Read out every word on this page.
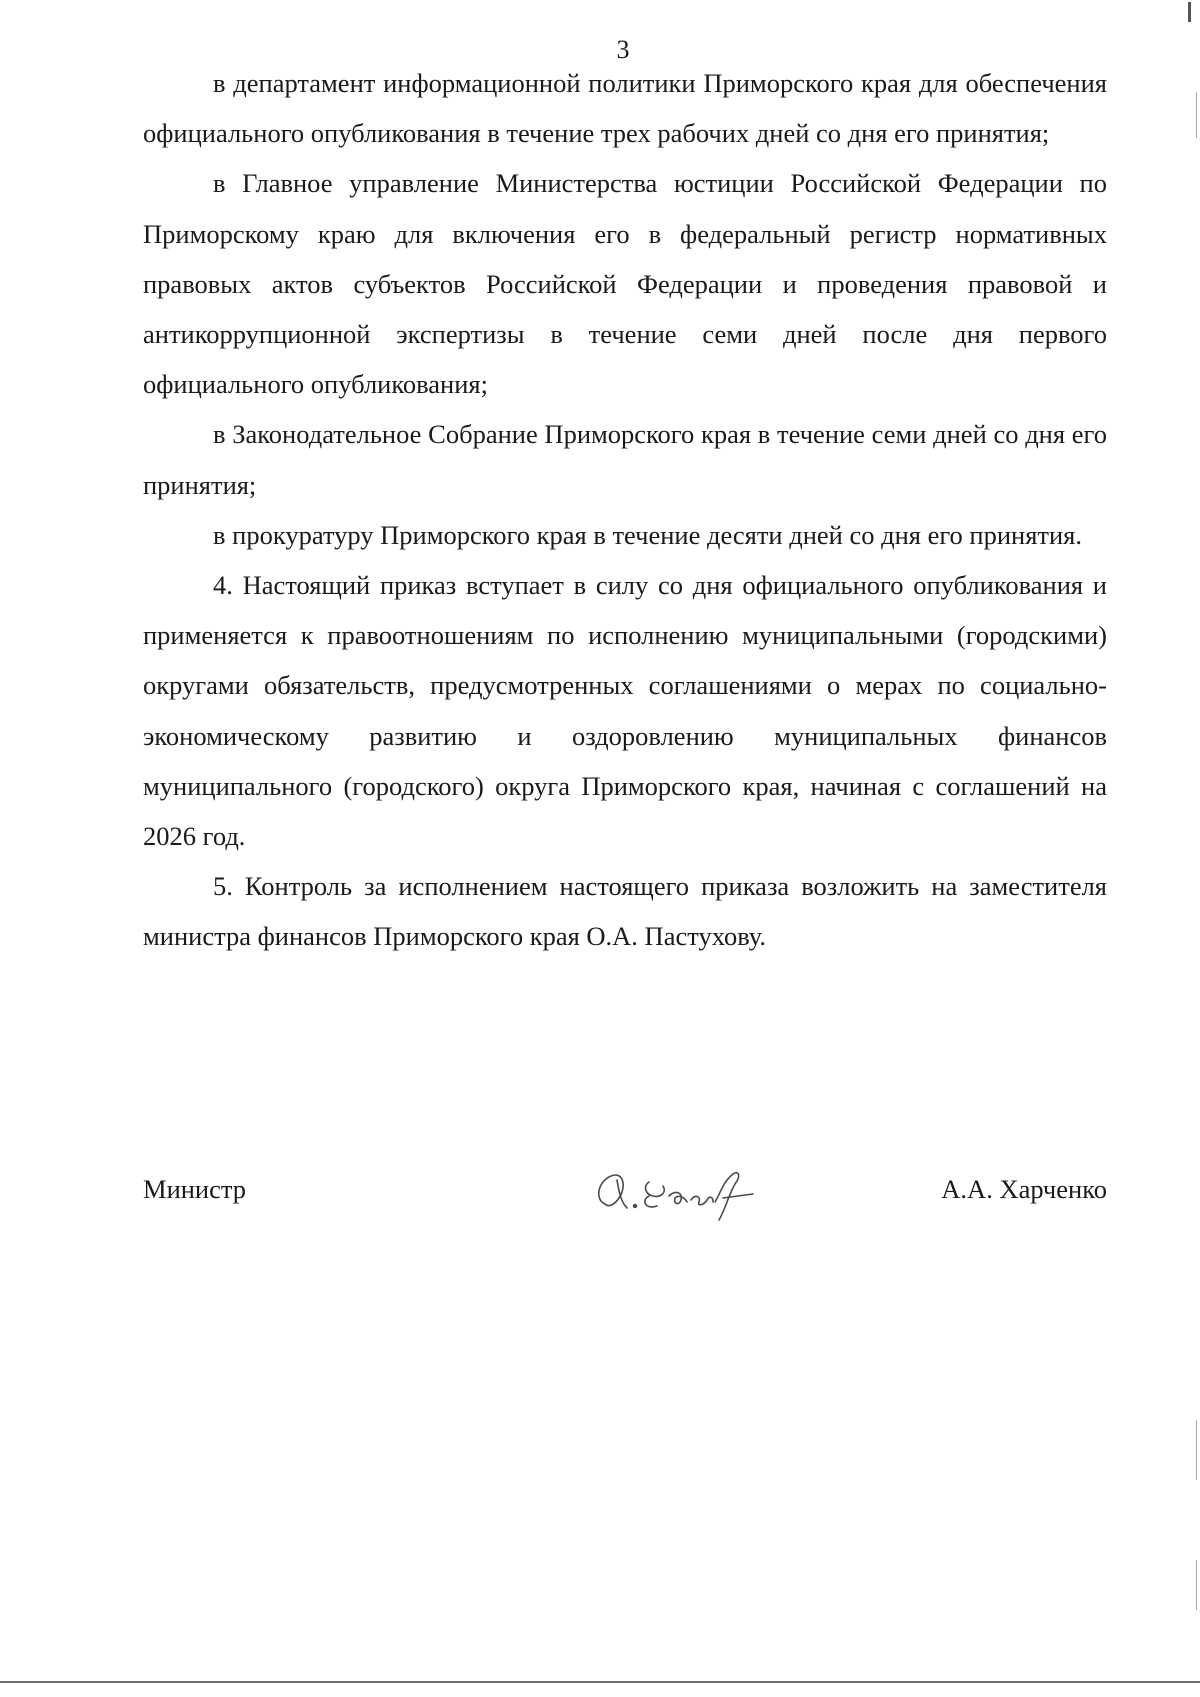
3

в департамент информационной политики Приморского края для обеспечения официального опубликования в течение трех рабочих дней со дня его принятия;

в Главное управление Министерства юстиции Российской Федерации по Приморскому краю для включения его в федеральный регистр нормативных правовых актов субъектов Российской Федерации и проведения правовой и антикоррупционной экспертизы в течение семи дней после дня первого официального опубликования;

в Законодательное Собрание Приморского края в течение семи дней со дня его принятия;

в прокуратуру Приморского края в течение десяти дней со дня его принятия.

4. Настоящий приказ вступает в силу со дня официального опубликования и применяется к правоотношениям по исполнению муниципальными (городскими) округами обязательств, предусмотренных соглашениями о мерах по социально-экономическому развитию и оздоровлению муниципальных финансов муниципального (городского) округа Приморского края, начиная с соглашений на 2026 год.

5. Контроль за исполнением настоящего приказа возложить на заместителя министра финансов Приморского края О.А. Пастухову.

Министр	А.А. Харченко
